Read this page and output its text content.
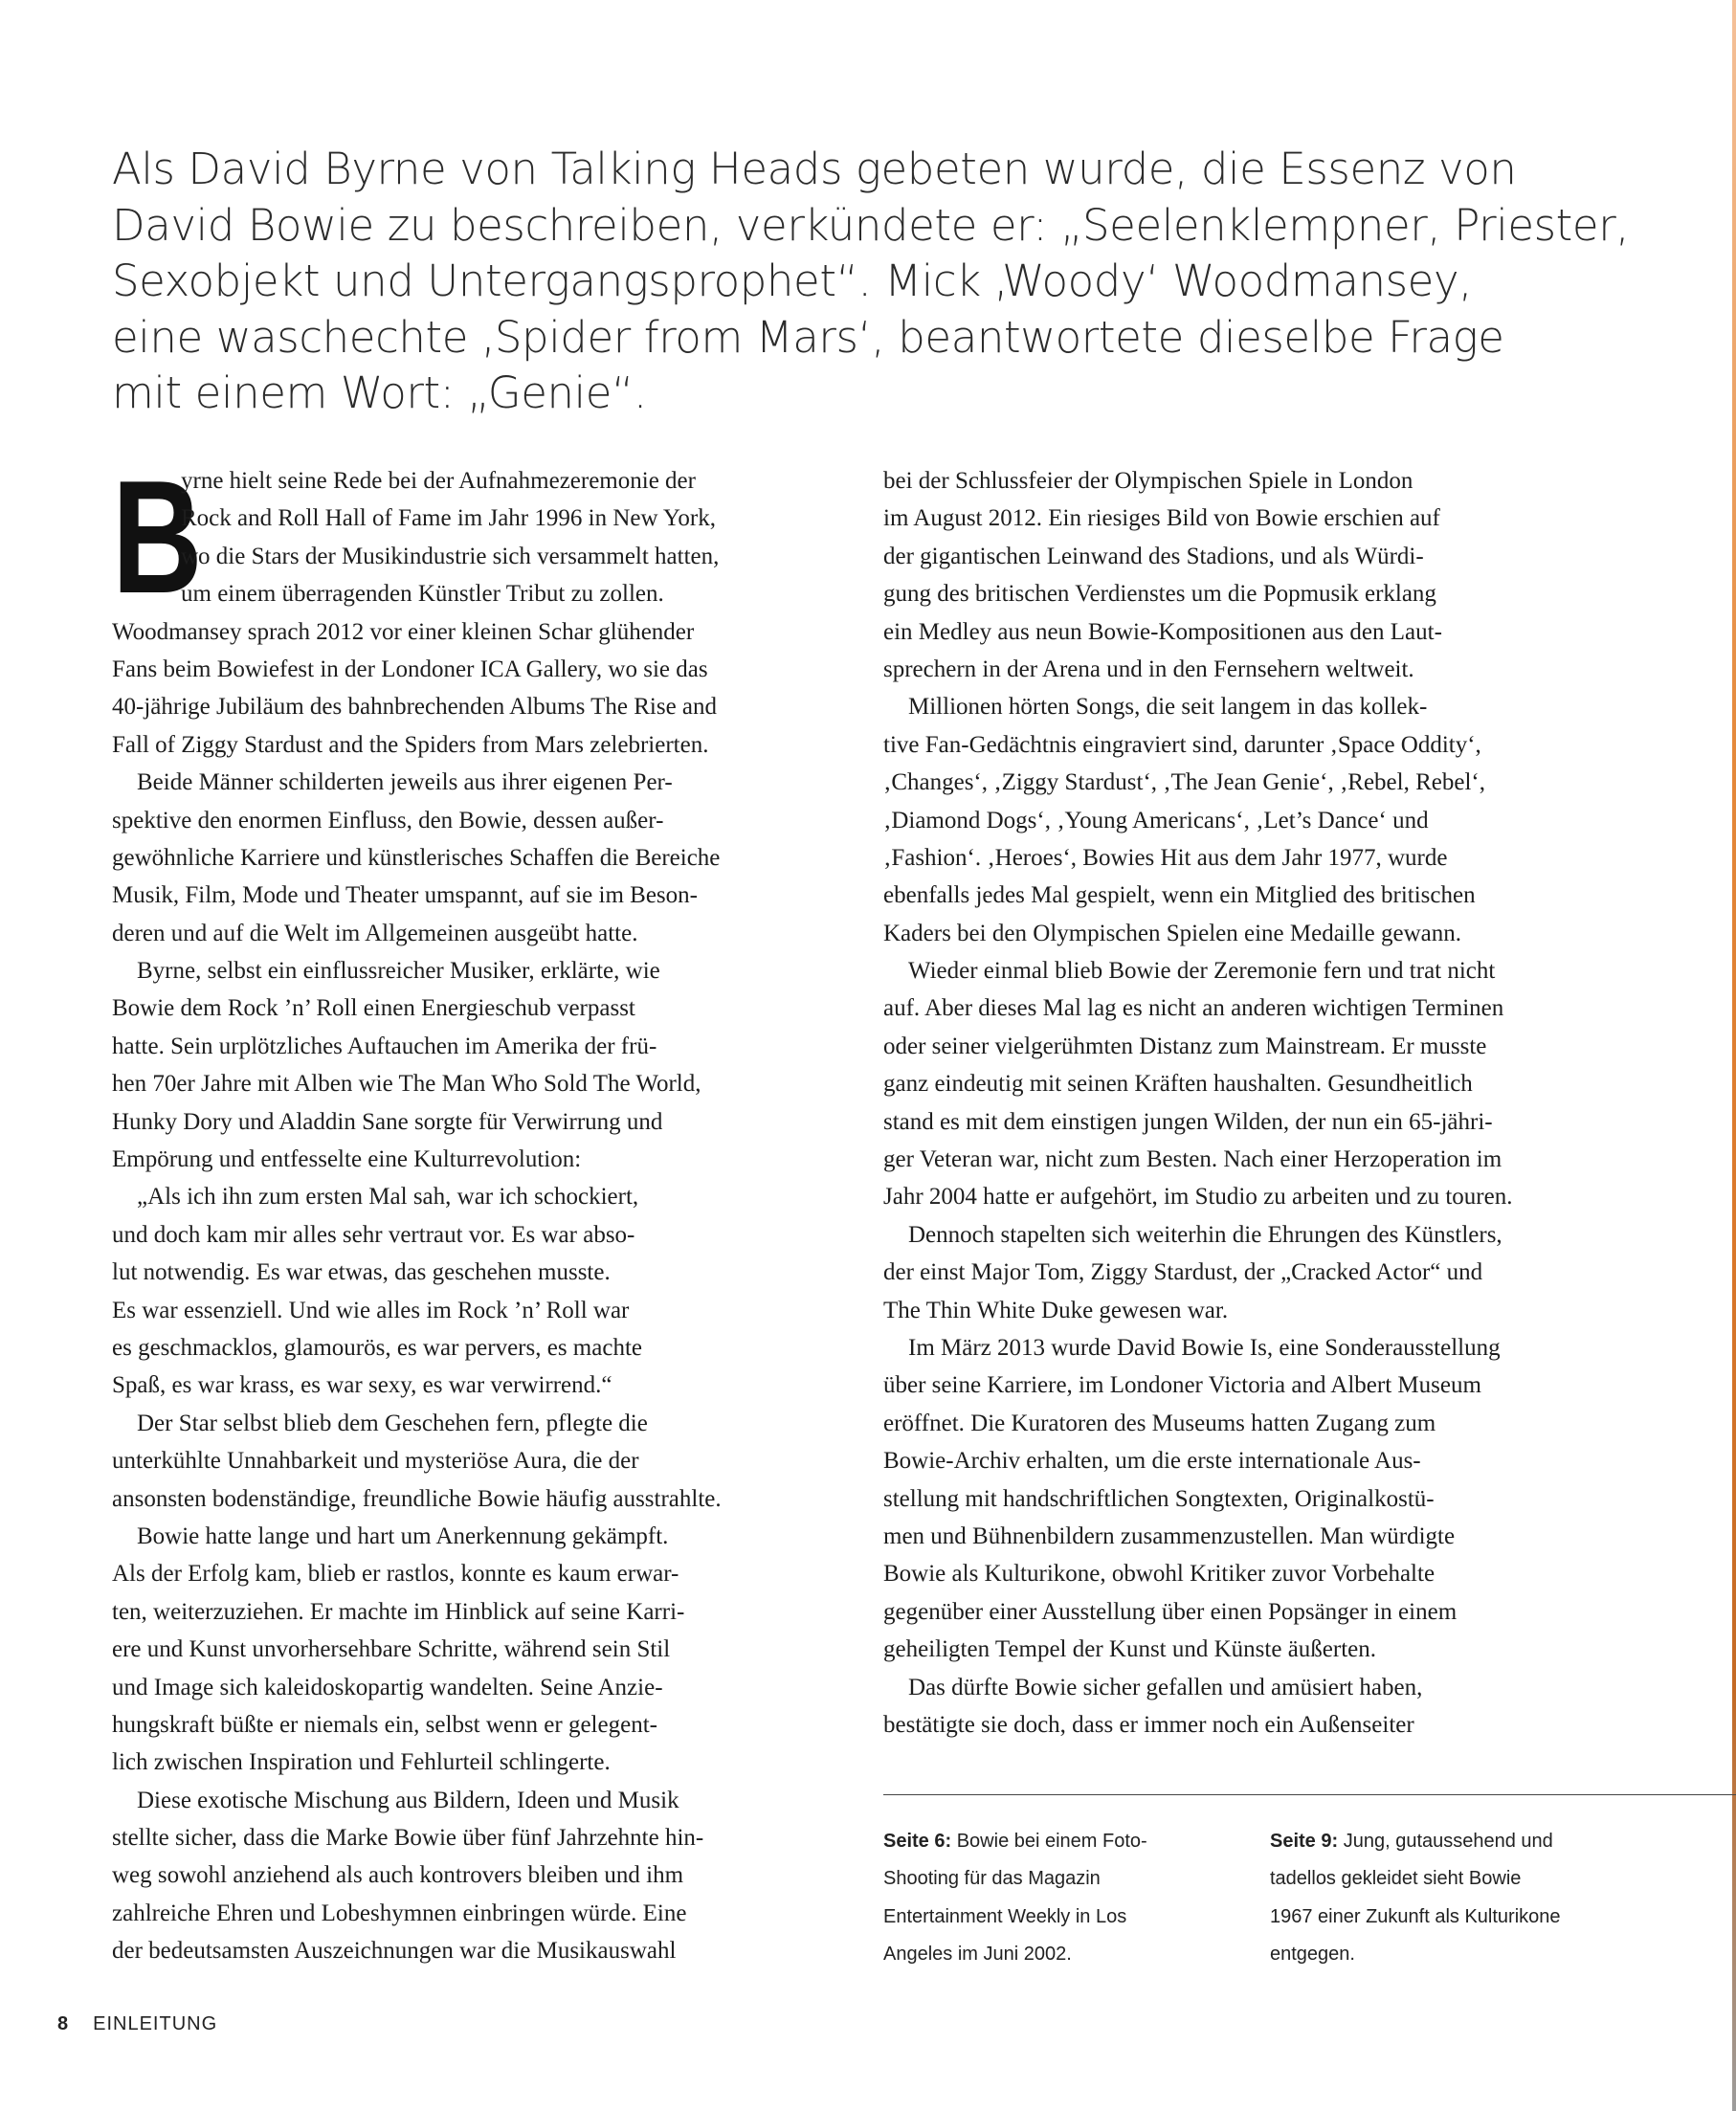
Als David Byrne von Talking Heads gebeten wurde, die Essenz von
David Bowie zu beschreiben, verkündete er: „Seelenklempner, Priester,
Sexobjekt und Untergangsprophet“. Mick ‚Woody‘ Woodmansey,
eine waschechte ‚Spider from Mars‘, beantwortete dieselbe Frage
mit einem Wort: „Genie“.
B
yrne hielt seine Rede bei der Aufnahmezeremonie der
Rock and Roll Hall of Fame im Jahr 1996 in New York,
wo die Stars der Musikindustrie sich versammelt hatten,
um einem überragenden Künstler Tribut zu zollen.
Woodmansey sprach 2012 vor einer kleinen Schar glühender
Fans beim Bowiefest in der Londoner ICA Gallery, wo sie das
40-jährige Jubiläum des bahnbrechenden Albums The Rise and
Fall of Ziggy Stardust and the Spiders from Mars zelebrierten.
Beide Männer schilderten jeweils aus ihrer eigenen Per-
spektive den enormen Einfluss, den Bowie, dessen außer-
gewöhnliche Karriere und künstlerisches Schaffen die Bereiche
Musik, Film, Mode und Theater umspannt, auf sie im Beson-
deren und auf die Welt im Allgemeinen ausgeübt hatte.
Byrne, selbst ein einflussreicher Musiker, erklärte, wie
Bowie dem Rock ’n’ Roll einen Energieschub verpasst
hatte. Sein urplötzliches Auftauchen im Amerika der frü-
hen 70er Jahre mit Alben wie The Man Who Sold The World,
Hunky Dory und Aladdin Sane sorgte für Verwirrung und
Empörung und entfesselte eine Kulturrevolution:
„Als ich ihn zum ersten Mal sah, war ich schockiert,
und doch kam mir alles sehr vertraut vor. Es war abso-
lut notwendig. Es war etwas, das geschehen musste.
Es war essenziell. Und wie alles im Rock ’n’ Roll war
es geschmacklos, glamourös, es war pervers, es machte
Spaß, es war krass, es war sexy, es war verwirrend.“
Der Star selbst blieb dem Geschehen fern, pflegte die
unterkühlte Unnahbarkeit und mysteriöse Aura, die der
ansonsten bodenständige, freundliche Bowie häufig ausstrahlte.
Bowie hatte lange und hart um Anerkennung gekämpft.
Als der Erfolg kam, blieb er rastlos, konnte es kaum erwar-
ten, weiterzuziehen. Er machte im Hinblick auf seine Karri-
ere und Kunst unvorhersehbare Schritte, während sein Stil
und Image sich kaleidoskopartig wandelten. Seine Anzie-
hungskraft büßte er niemals ein, selbst wenn er gelegent-
lich zwischen Inspiration und Fehlurteil schlingerte.
Diese exotische Mischung aus Bildern, Ideen und Musik
stellte sicher, dass die Marke Bowie über fünf Jahrzehnte hin-
weg sowohl anziehend als auch kontrovers bleiben und ihm
zahlreiche Ehren und Lobeshymnen einbringen würde. Eine
der bedeutsamsten Auszeichnungen war die Musikauswahl
bei der Schlussfeier der Olympischen Spiele in London
im August 2012. Ein riesiges Bild von Bowie erschien auf
der gigantischen Leinwand des Stadions, und als Würdi-
gung des britischen Verdienstes um die Popmusik erklang
ein Medley aus neun Bowie-Kompositionen aus den Laut-
sprechern in der Arena und in den Fernsehern weltweit.
Millionen hörten Songs, die seit langem in das kollek-
tive Fan-Gedächtnis eingraviert sind, darunter ‚Space Oddity‘,
‚Changes‘, ‚Ziggy Stardust‘, ‚The Jean Genie‘, ‚Rebel, Rebel‘,
‚Diamond Dogs‘, ‚Young Americans‘, ‚Let’s Dance‘ und
‚Fashion‘. ‚Heroes‘, Bowies Hit aus dem Jahr 1977, wurde
ebenfalls jedes Mal gespielt, wenn ein Mitglied des britischen
Kaders bei den Olympischen Spielen eine Medaille gewann.
Wieder einmal blieb Bowie der Zeremonie fern und trat nicht
auf. Aber dieses Mal lag es nicht an anderen wichtigen Terminen
oder seiner vielgerühmten Distanz zum Mainstream. Er musste
ganz eindeutig mit seinen Kräften haushalten. Gesundheitlich
stand es mit dem einstigen jungen Wilden, der nun ein 65-jähri-
ger Veteran war, nicht zum Besten. Nach einer Herzoperation im
Jahr 2004 hatte er aufgehört, im Studio zu arbeiten und zu touren.
Dennoch stapelten sich weiterhin die Ehrungen des Künstlers,
der einst Major Tom, Ziggy Stardust, der „Cracked Actor“ und
The Thin White Duke gewesen war.
Im März 2013 wurde David Bowie Is, eine Sonderausstellung
über seine Karriere, im Londoner Victoria and Albert Museum
eröffnet. Die Kuratoren des Museums hatten Zugang zum
Bowie-Archiv erhalten, um die erste internationale Aus-
stellung mit handschriftlichen Songtexten, Originalkostü-
men und Bühnenbildern zusammenzustellen. Man würdigte
Bowie als Kulturikone, obwohl Kritiker zuvor Vorbehalte
gegenüber einer Ausstellung über einen Popsänger in einem
geheiligten Tempel der Kunst und Künste äußerten.
Das dürfte Bowie sicher gefallen und amüsiert haben,
bestätigte sie doch, dass er immer noch ein Außenseiter
Seite 6: Bowie bei einem Foto-
Shooting für das Magazin
Entertainment Weekly in Los
Angeles im Juni 2002.
Seite 9: Jung, gutaussehend und
tadellos gekleidet sieht Bowie
1967 einer Zukunft als Kulturikone
entgegen.
8 EINLEITUNG
